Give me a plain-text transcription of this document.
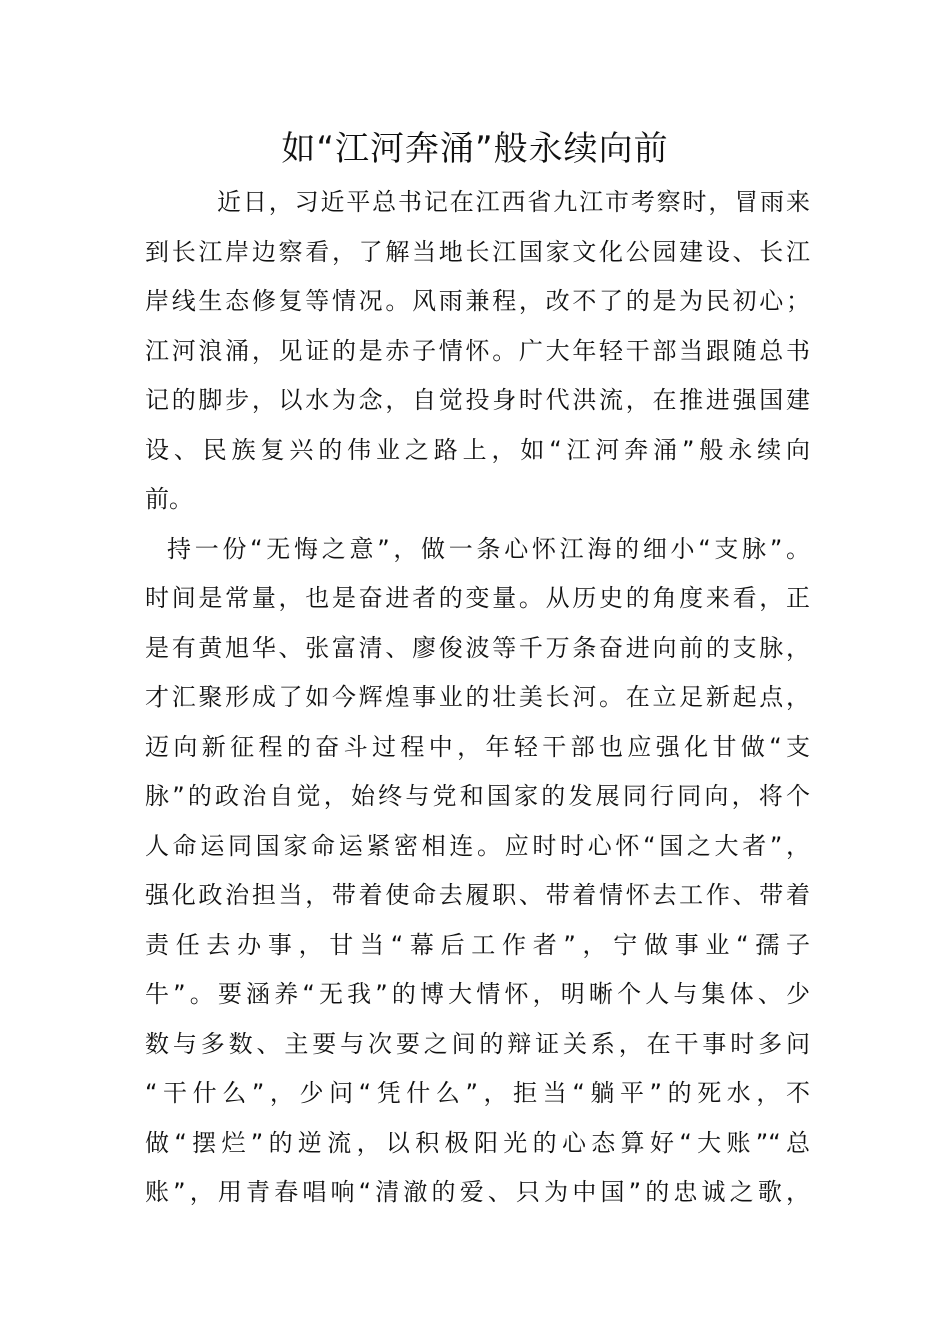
如“江河奔涌”般永续向前
近日，习近平总书记在江西省九江市考察时，冒雨来
到长江岸边察看，了解当地长江国家文化公园建设、长江
岸线生态修复等情况。风雨兼程，改不了的是为民初心；
江河浪涌，见证的是赤子情怀。广大年轻干部当跟随总书
记的脚步，以水为念，自觉投身时代洪流，在推进强国建
设、民族复兴的伟业之路上，如“江河奔涌”般永续向
前。
持一份“无悔之意”，做一条心怀江海的细小“支脉”。
时间是常量，也是奋进者的变量。从历史的角度来看，正
是有黄旭华、张富清、廖俊波等千万条奋进向前的支脉，
才汇聚形成了如今辉煌事业的壮美长河。在立足新起点，
迈向新征程的奋斗过程中，年轻干部也应强化甘做“支
脉”的政治自觉，始终与党和国家的发展同行同向，将个
人命运同国家命运紧密相连。应时时心怀“国之大者”，
强化政治担当，带着使命去履职、带着情怀去工作、带着
责任去办事，甘当“幕后工作者”，宁做事业“孺子
牛”。要涵养“无我”的博大情怀，明晰个人与集体、少
数与多数、主要与次要之间的辩证关系，在干事时多问
“干什么”，少问“凭什么”，拒当“躺平”的死水，不
做“摆烂”的逆流，以积极阳光的心态算好“大账”“总
账”，用青春唱响“清澈的爱、只为中国”的忠诚之歌，
